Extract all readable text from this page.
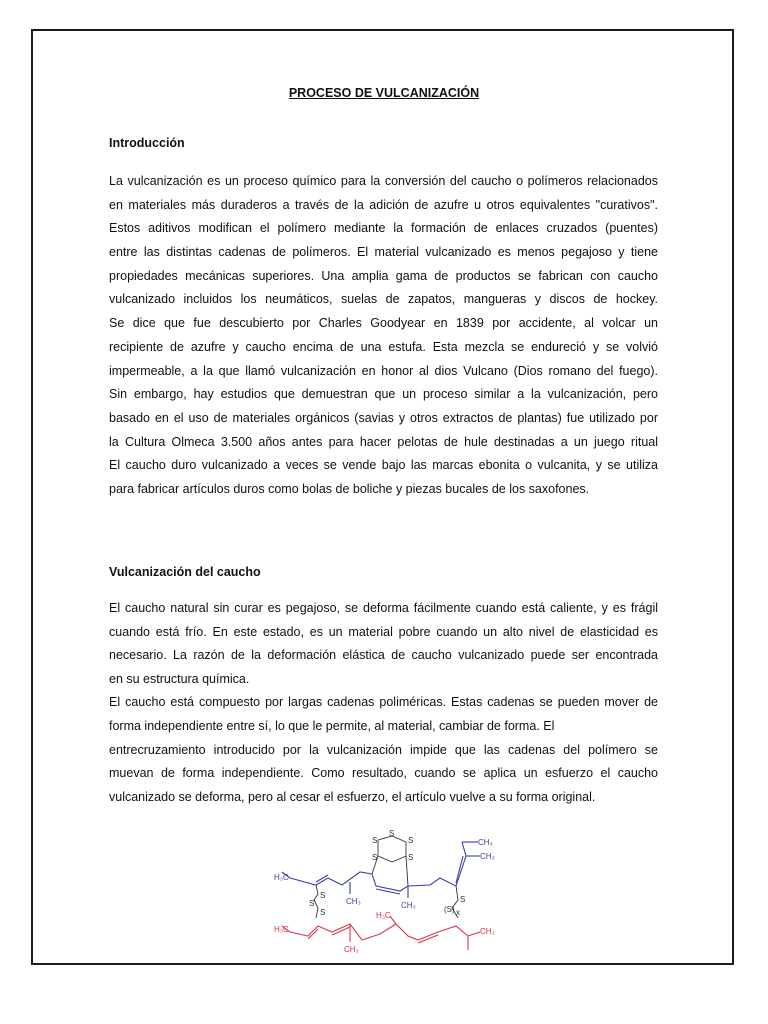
PROCESO DE VULCANIZACIÓN
Introducción
La vulcanización es un proceso químico para la conversión del caucho o polímeros relacionados
en materiales más duraderos a través de la adición de azufre u otros equivalentes "curativos".
Estos aditivos modifican el polímero mediante la formación de enlaces cruzados (puentes)
entre las distintas cadenas de polímeros. El material vulcanizado es menos pegajoso y tiene
propiedades mecánicas superiores. Una amplia gama de productos se fabrican con caucho
vulcanizado incluidos los neumáticos, suelas de zapatos, mangueras y discos de hockey.
Se dice que fue descubierto por Charles Goodyear en 1839 por accidente, al volcar un
recipiente de azufre y caucho encima de una estufa. Esta mezcla se endureció y se volvió
impermeable, a la que llamó vulcanización en honor al dios Vulcano (Dios romano del fuego).
Sin embargo, hay estudios que demuestran que un proceso similar a la vulcanización, pero
basado en el uso de materiales orgánicos (savias y otros extractos de plantas) fue utilizado por
la Cultura Olmeca 3.500 años antes para hacer pelotas de hule destinadas a un juego ritual
El caucho duro vulcanizado a veces se vende bajo las marcas ebonita o vulcanita, y se utiliza
para fabricar artículos duros como bolas de boliche y piezas bucales de los saxofones.
Vulcanización del caucho
El caucho natural sin curar es pegajoso, se deforma fácilmente cuando está caliente, y es frágil
cuando está frío. En este estado, es un material pobre cuando un alto nivel de elasticidad es
necesario. La razón de la deformación elástica de caucho vulcanizado puede ser encontrada
en su estructura química.
El caucho está compuesto por largas cadenas poliméricas. Estas cadenas se pueden mover de
forma independiente entre sí, lo que le permite, al material, cambiar de forma. El
entrecruzamiento introducido por la vulcanización impide que las cadenas del polímero se
muevan de forma independiente. Como resultado, cuando se aplica un esfuerzo el caucho
vulcanizado se deforma, pero al cesar el esfuerzo, el artículo vuelve a su forma original.
H₃C
CH₃	CH₃
CH₃
CH₃
S
S	S
S	S
S
S
S
S
(S) x
H₃C
H₃C
CH₃
CH₃
